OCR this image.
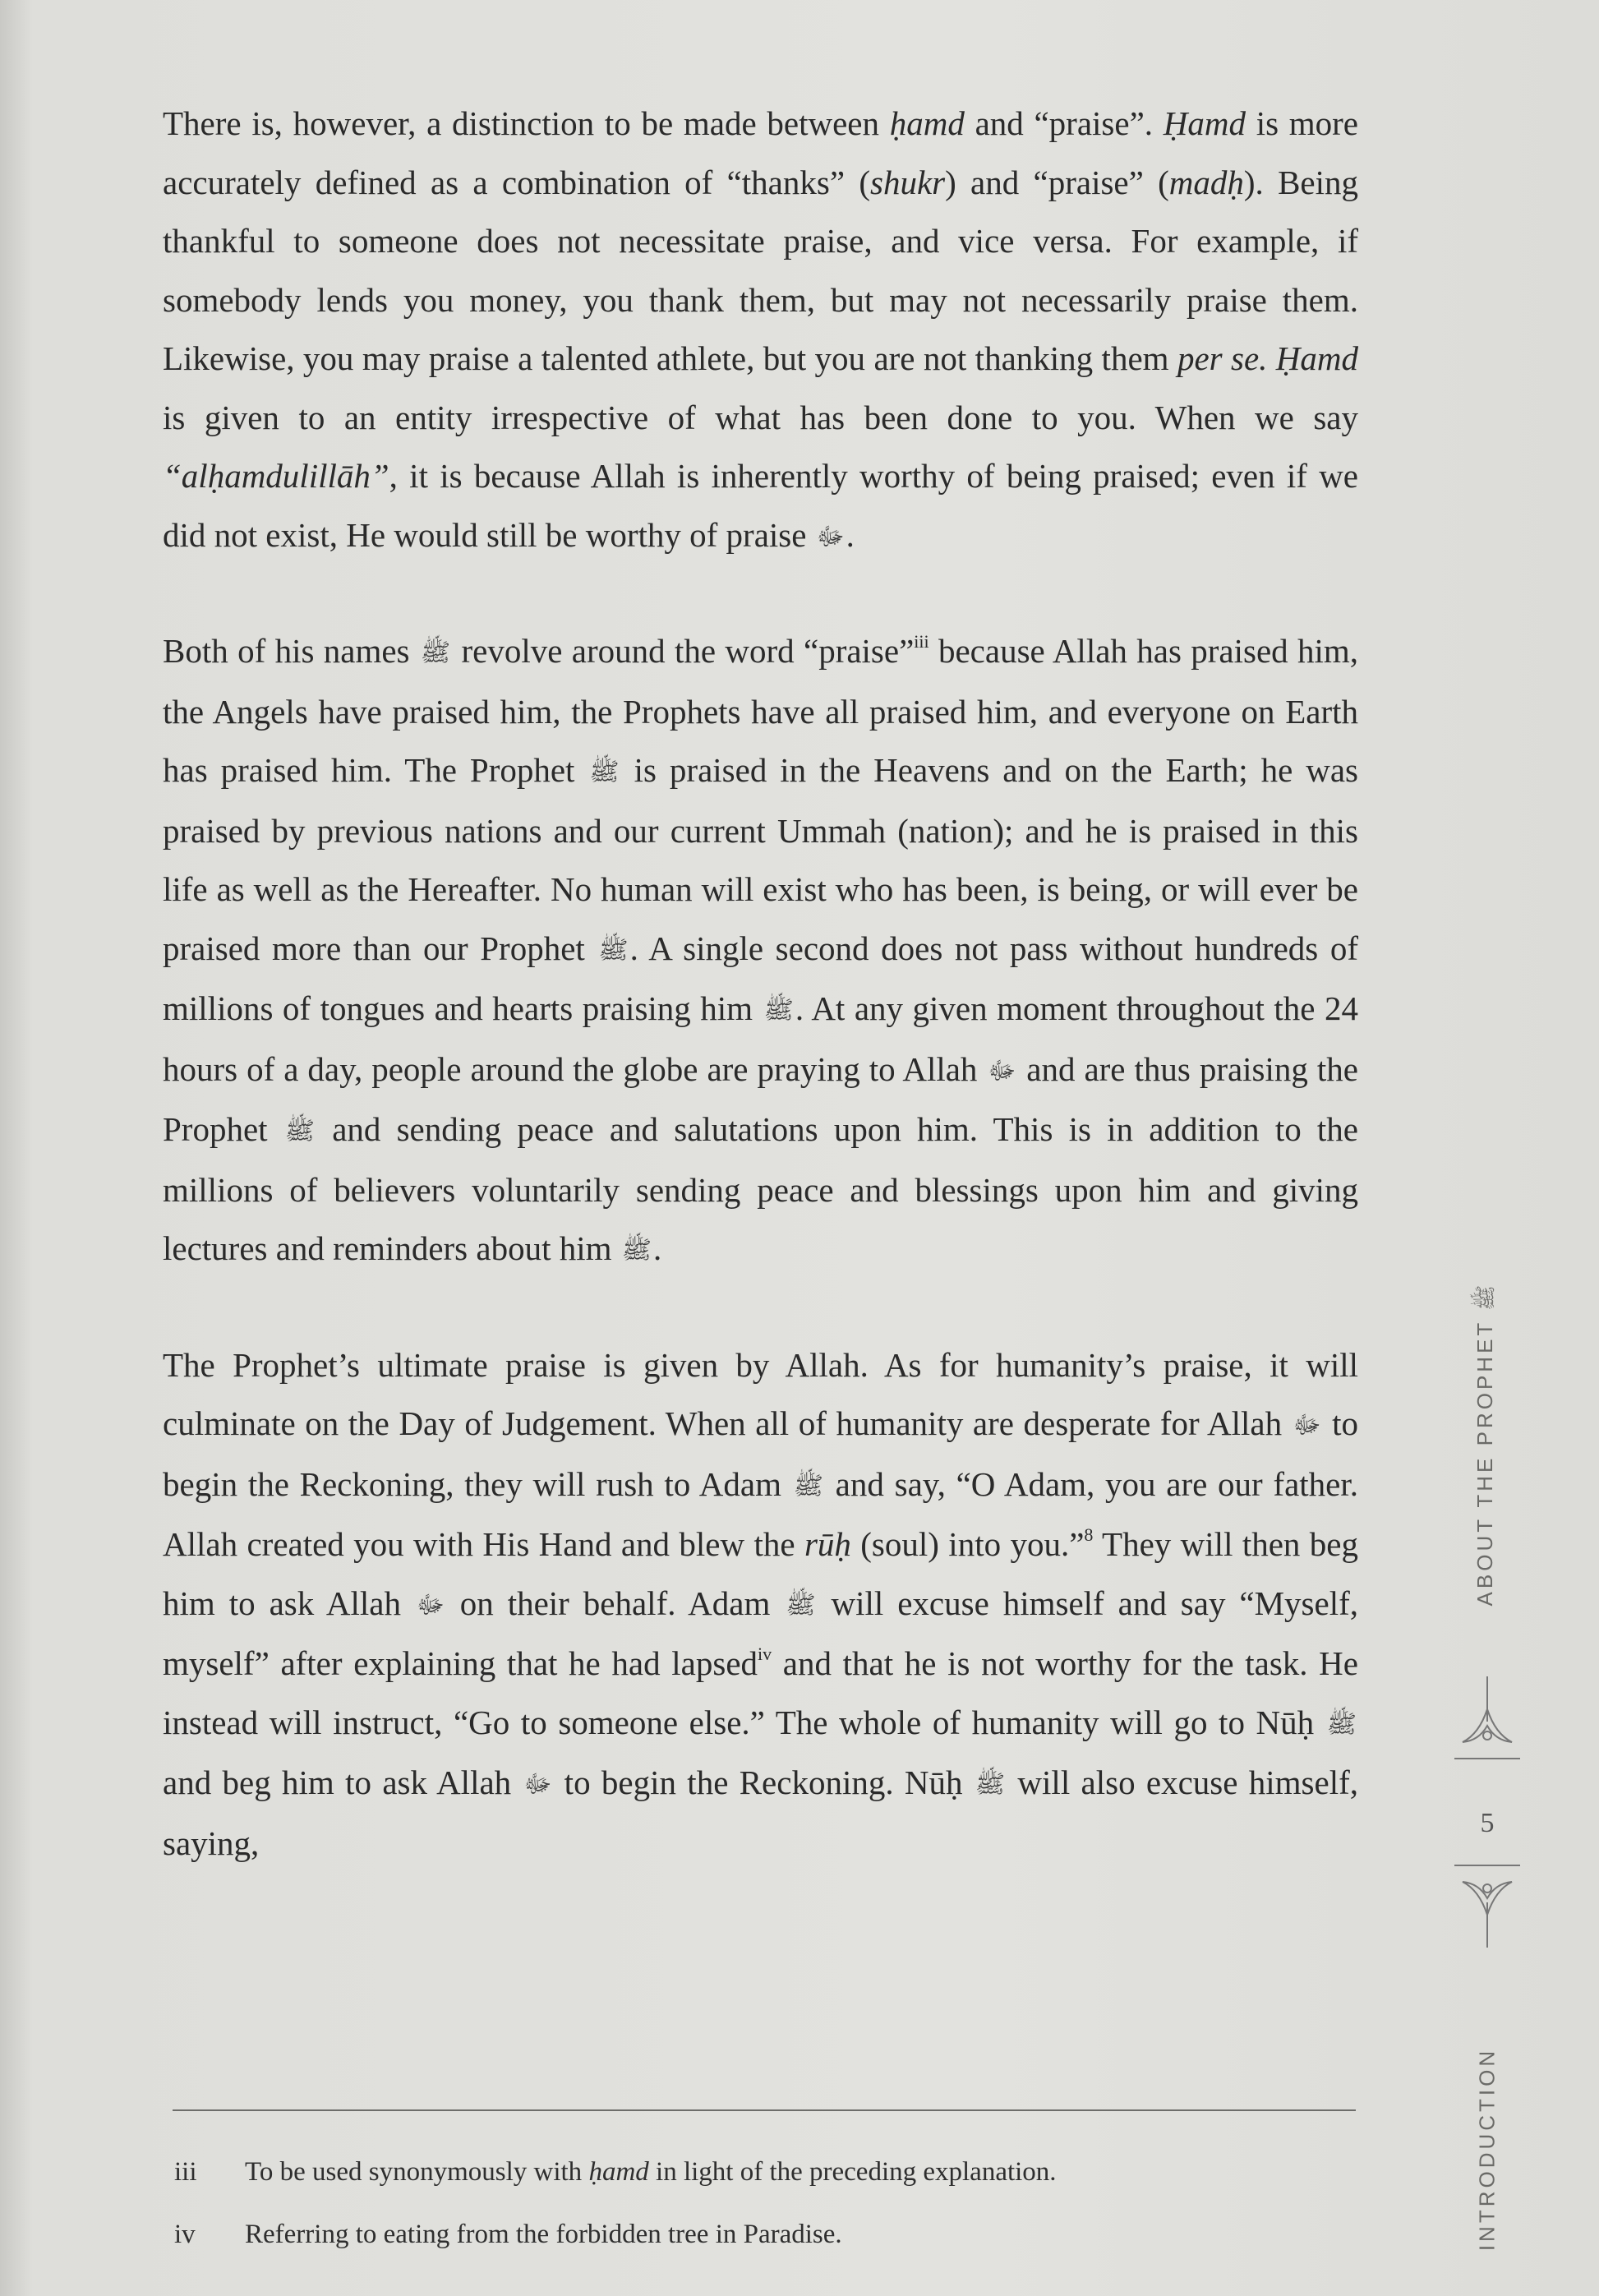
There is, however, a distinction to be made between ḥamd and “praise”. Ḥamd is more accurately defined as a combination of “thanks” (shukr) and “praise” (madḥ). Being thankful to someone does not necessitate praise, and vice versa. For example, if somebody lends you money, you thank them, but may not necessarily praise them. Likewise, you may praise a talented athlete, but you are not thanking them per se. Ḥamd is given to an entity irrespective of what has been done to you. When we say “alḥamdulillāh”, it is because Allah is inherently worthy of being praised; even if we did not exist, He would still be worthy of praise ﷻ.

Both of his names ﷺ revolve around the word “praise”$^{iii}$ because Allah has praised him, the Angels have praised him, the Prophets have all praised him, and everyone on Earth has praised him. The Prophet ﷺ is praised in the Heavens and on the Earth; he was praised by previous nations and our current Ummah (nation); and he is praised in this life as well as the Hereafter. No human will exist who has been, is being, or will ever be praised more than our Prophet ﷺ. A single second does not pass without hundreds of millions of tongues and hearts praising him ﷺ. At any given moment throughout the 24 hours of a day, people around the globe are praying to Allah ﷻ and are thus praising the Prophet ﷺ and sending peace and salutations upon him. This is in addition to the millions of believers voluntarily sending peace and blessings upon him and giving lectures and reminders about him ﷺ.

The Prophet’s ultimate praise is given by Allah. As for humanity’s praise, it will culminate on the Day of Judgement. When all of humanity are desperate for Allah ﷻ to begin the Reckoning, they will rush to Adam ﷺ and say, “O Adam, you are our father. Allah created you with His Hand and blew the rūḥ (soul) into you.”$^8$ They will then beg him to ask Allah ﷻ on their behalf. Adam ﷺ will excuse himself and say “Myself, myself” after explaining that he had lapsed$^{iv}$ and that he is not worthy for the task. He instead will instruct, “Go to someone else.” The whole of humanity will go to Nūḥ ﷺ and beg him to ask Allah ﷻ to begin the Reckoning. Nūḥ ﷺ will also excuse himself, saying,

iii	To be used synonymously with ḥamd in light of the preceding explanation.
iv	Referring to eating from the forbidden tree in Paradise.
ABOUT THE PROPHET ﷺ
5
INTRODUCTION
